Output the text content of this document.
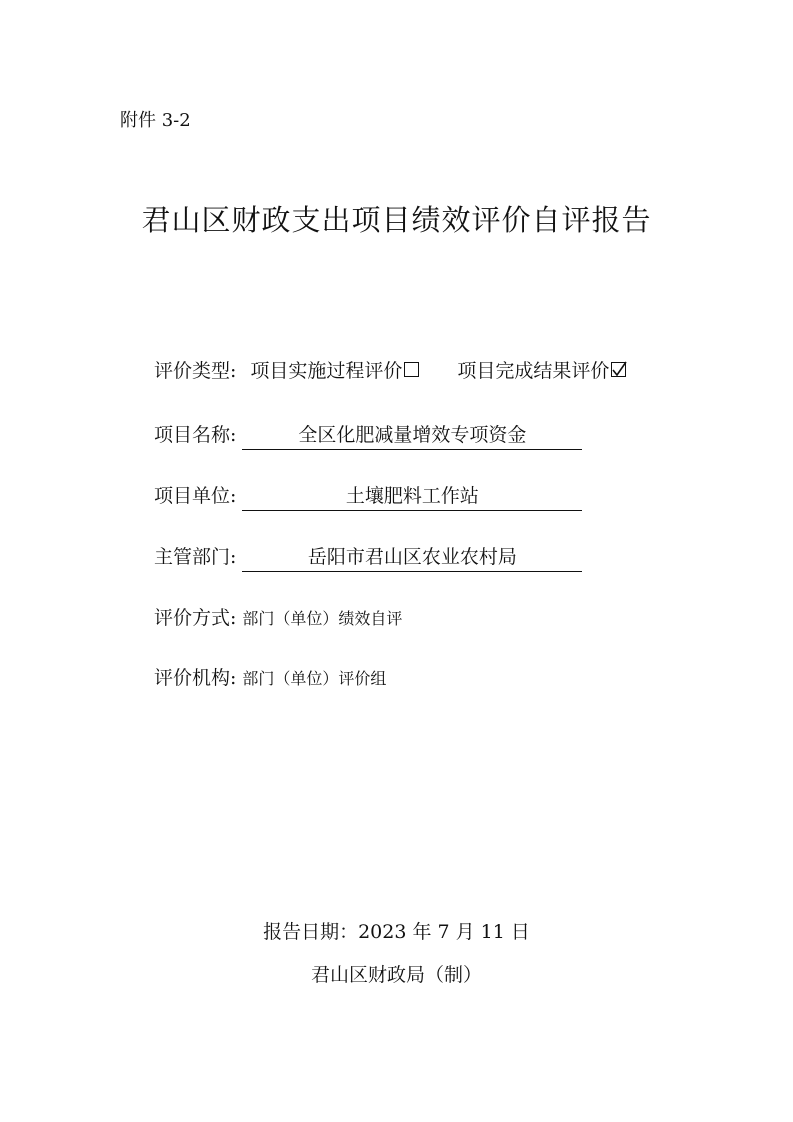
附件 3-2
君山区财政支出项目绩效评价自评报告
评价类型: 项目实施过程评价	项目完成结果评价
项目名称:	全区化肥减量增效专项资金
项目单位:	土壤肥料工作站
主管部门:	岳阳市君山区农业农村局
评价方式: 部门（单位）绩效自评
评价机构: 部门（单位）评价组
报告日期：2023 年 7 月 11 日
君山区财政局（制）
